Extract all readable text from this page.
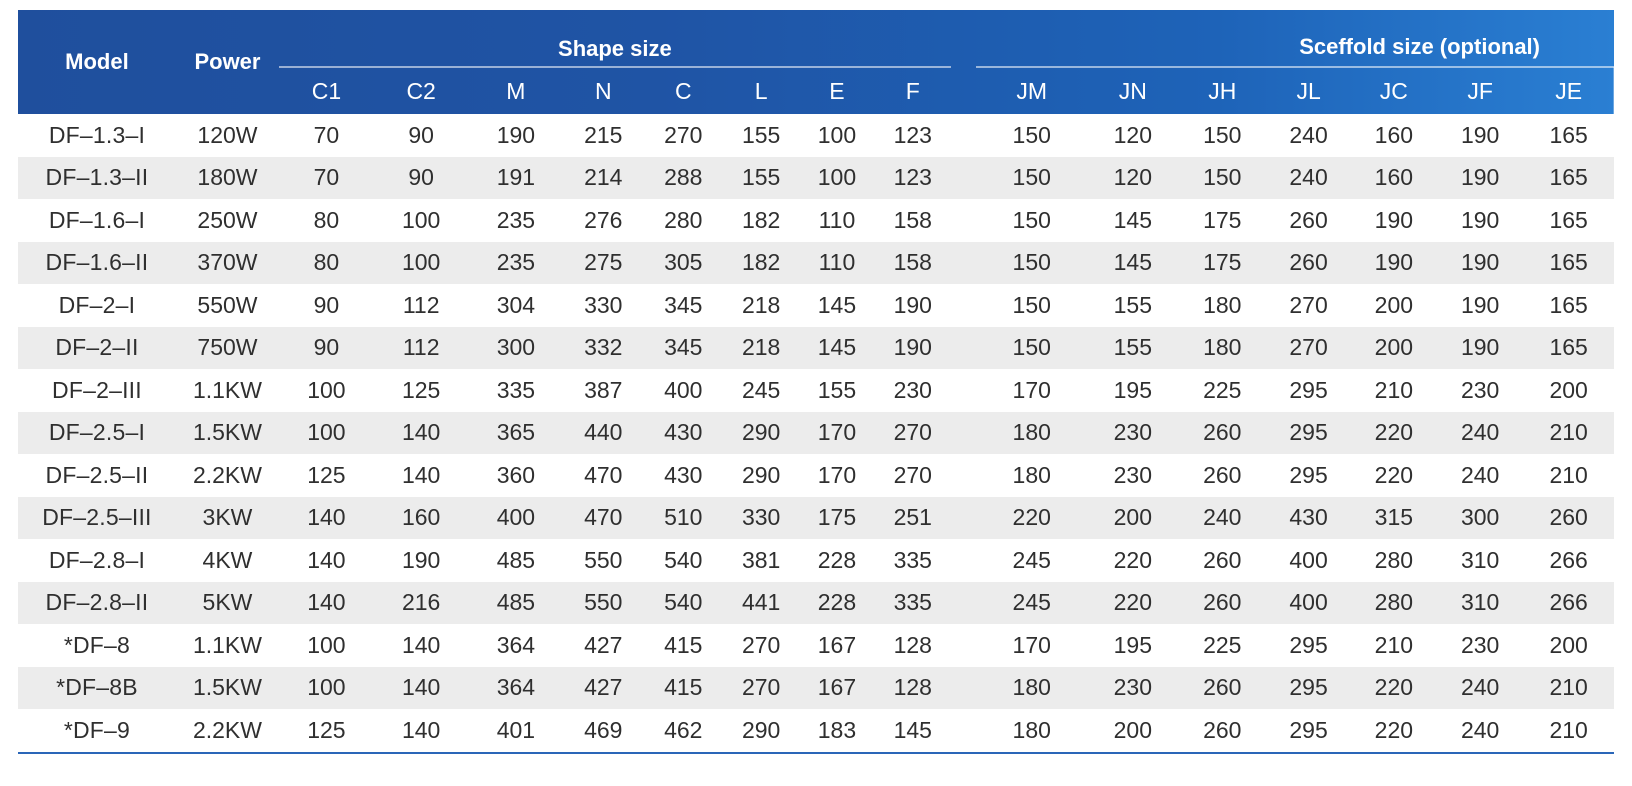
Model	Power	Shape size									Sceffold size (optional)						
		C1	C2	M	N	C	L	E	F		JM	JN	JH	JL	JC	JF	JE
DF–1.3–I	120W	70	90	190	215	270	155	100	123		150	120	150	240	160	190	165
DF–1.3–II	180W	70	90	191	214	288	155	100	123		150	120	150	240	160	190	165
DF–1.6–I	250W	80	100	235	276	280	182	110	158		150	145	175	260	190	190	165
DF–1.6–II	370W	80	100	235	275	305	182	110	158		150	145	175	260	190	190	165
DF–2–I	550W	90	112	304	330	345	218	145	190		150	155	180	270	200	190	165
DF–2–II	750W	90	112	300	332	345	218	145	190		150	155	180	270	200	190	165
DF–2–III	1.1KW	100	125	335	387	400	245	155	230		170	195	225	295	210	230	200
DF–2.5–I	1.5KW	100	140	365	440	430	290	170	270		180	230	260	295	220	240	210
DF–2.5–II	2.2KW	125	140	360	470	430	290	170	270		180	230	260	295	220	240	210
DF–2.5–III	3KW	140	160	400	470	510	330	175	251		220	200	240	430	315	300	260
DF–2.8–I	4KW	140	190	485	550	540	381	228	335		245	220	260	400	280	310	266
DF–2.8–II	5KW	140	216	485	550	540	441	228	335		245	220	260	400	280	310	266
*DF–8	1.1KW	100	140	364	427	415	270	167	128		170	195	225	295	210	230	200
*DF–8B	1.5KW	100	140	364	427	415	270	167	128		180	230	260	295	220	240	210
*DF–9	2.2KW	125	140	401	469	462	290	183	145		180	200	260	295	220	240	210
